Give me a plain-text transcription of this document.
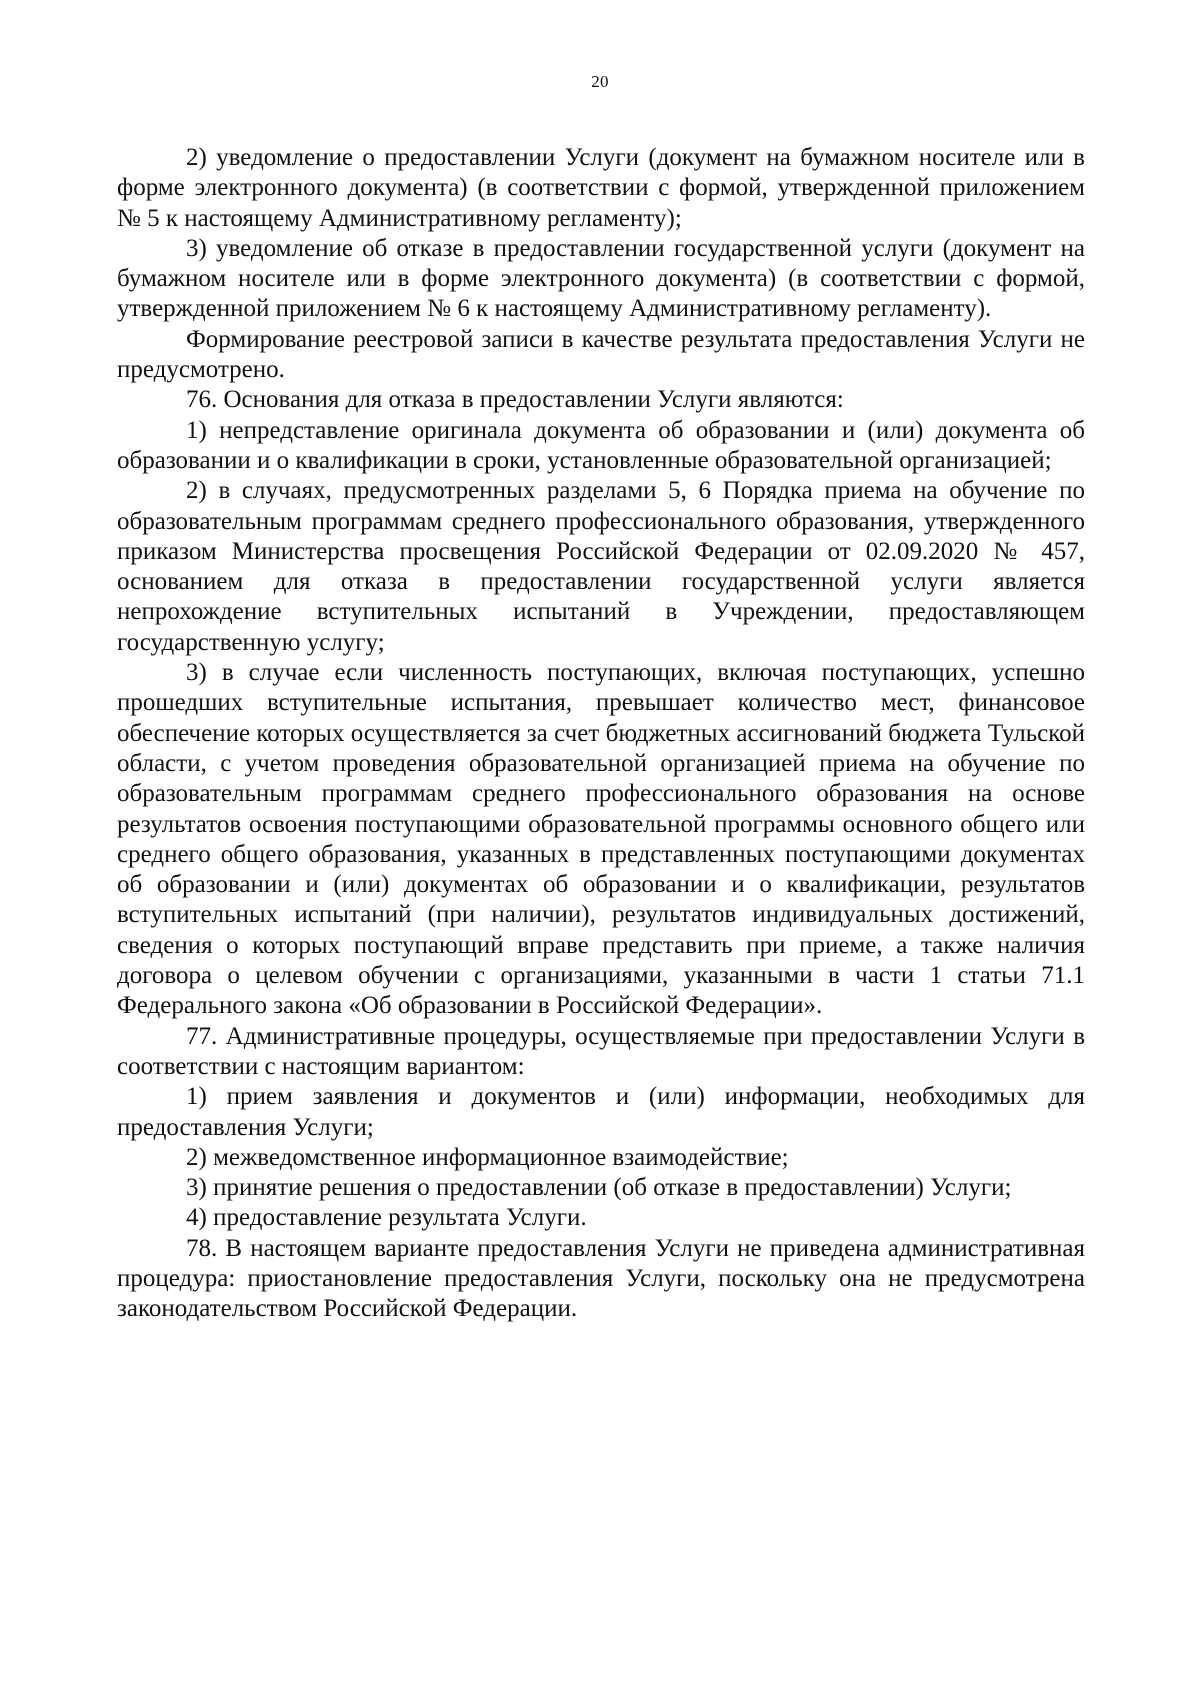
20

2) уведомление о предоставлении Услуги (документ на бумажном носителе или в форме электронного документа) (в соответствии с формой, утвержденной приложением № 5 к настоящему Административному регламенту);

3) уведомление об отказе в предоставлении государственной услуги (документ на бумажном носителе или в форме электронного документа) (в соответствии с формой, утвержденной приложением № 6 к настоящему Административному регламенту).

Формирование реестровой записи в качестве результата предоставления Услуги не предусмотрено.

76. Основания для отказа в предоставлении Услуги являются:

1) непредставление оригинала документа об образовании и (или) документа об образовании и о квалификации в сроки, установленные образовательной организацией;

2) в случаях, предусмотренных разделами 5, 6 Порядка приема на обучение по образовательным программам среднего профессионального образования, утвержденного приказом Министерства просвещения Российской Федерации от 02.09.2020 № 457, основанием для отказа в предоставлении государственной услуги является непрохождение вступительных испытаний в Учреждении, предоставляющем государственную услугу;

3) в случае если численность поступающих, включая поступающих, успешно прошедших вступительные испытания, превышает количество мест, финансовое обеспечение которых осуществляется за счет бюджетных ассигнований бюджета Тульской области, с учетом проведения образовательной организацией приема на обучение по образовательным программам среднего профессионального образования на основе результатов освоения поступающими образовательной программы основного общего или среднего общего образования, указанных в представленных поступающими документах об образовании и (или) документах об образовании и о квалификации, результатов вступительных испытаний (при наличии), результатов индивидуальных достижений, сведения о которых поступающий вправе представить при приеме, а также наличия договора о целевом обучении с организациями, указанными в части 1 статьи 71.1 Федерального закона «Об образовании в Российской Федерации».

77. Административные процедуры, осуществляемые при предоставлении Услуги в соответствии с настоящим вариантом:

1) прием заявления и документов и (или) информации, необходимых для предоставления Услуги;

2) межведомственное информационное взаимодействие;

3) принятие решения о предоставлении (об отказе в предоставлении) Услуги;

4) предоставление результата Услуги.

78. В настоящем варианте предоставления Услуги не приведена административная процедура: приостановление предоставления Услуги, поскольку она не предусмотрена законодательством Российской Федерации.
